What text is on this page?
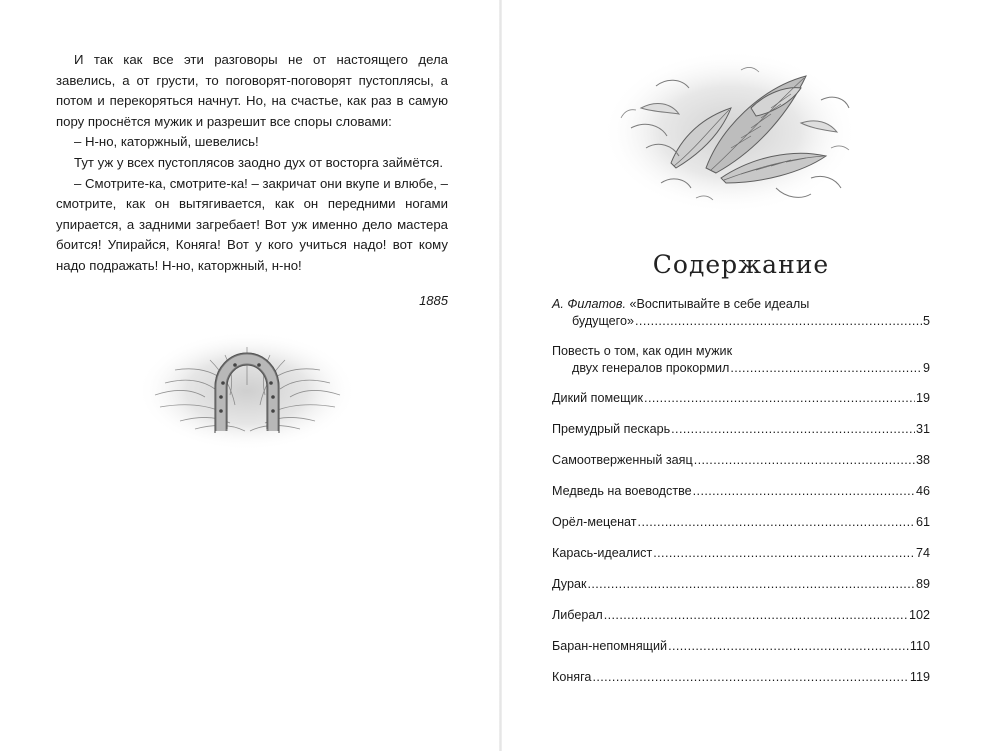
И так как все эти разговоры не от настоящего дела завелись, а от грусти, то поговорят-поговорят пустоплясы, а потом и перекоряться начнут. Но, на счастье, как раз в самую пору проснётся мужик и разрешит все споры словами:

– Н-но, каторжный, шевелись!

Тут уж у всех пустоплясов заодно дух от восторга займётся.

– Смотрите-ка, смотрите-ка! – закричат они вкупе и влюбе, – смотрите, как он вытягивается, как он передними ногами упирается, а задними загребает! Вот уж именно дело мастера боится! Упирайся, Коняга! Вот у кого учиться надо! вот кому надо подражать! Н-но, каторжный, н-но!

1885
Содержание
А. Филатов. «Воспитывайте в себе идеалы
будущего» .....	5
Повесть о том, как один мужик
двух генералов прокормил .....	9
Дикий помещик .....	19
Премудрый пескарь .....	31
Самоотверженный заяц .....	38
Медведь на воеводстве .....	46
Орёл-меценат .....	61
Карась-идеалист .....	74
Дурак .....	89
Либерал .....	102
Баран-непомнящий .....	110
Коняга .....	119
